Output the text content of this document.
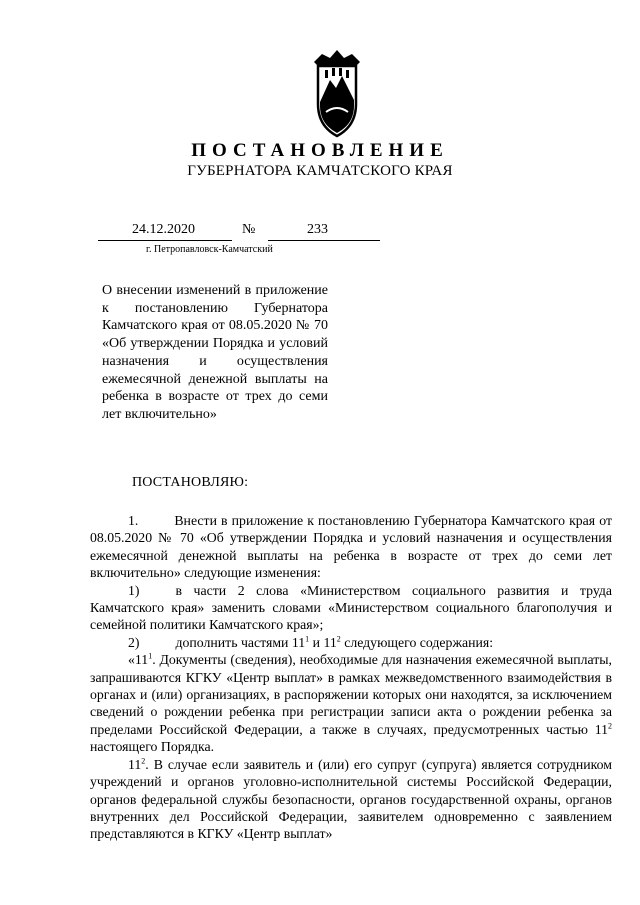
ПОСТАНОВЛЕНИЕ
ГУБЕРНАТОРА КАМЧАТСКОГО КРАЯ
24.12.2020	№	233
г. Петропавловск-Камчатский
О внесении изменений в приложение к постановлению Губернатора Камчатского края от 08.05.2020 № 70 «Об утверждении Порядка и условий назначения и осуществления ежемесячной денежной выплаты на ребенка в возрасте от трех до семи лет включительно»
ПОСТАНОВЛЯЮ:

1.	Внести в приложение к постановлению Губернатора Камчатского края от 08.05.2020 № 70 «Об утверждении Порядка и условий назначения и осуществления ежемесячной денежной выплаты на ребенка в возрасте от трех до семи лет включительно» следующие изменения:

1)	в части 2 слова «Министерством социального развития и труда Камчатского края» заменить словами «Министерством социального благополучия и семейной политики Камчатского края»;

2)	дополнить частями $11^1$ и $11^2$ следующего содержания:

«$11^1$. Документы (сведения), необходимые для назначения ежемесячной выплаты, запрашиваются КГКУ «Центр выплат» в рамках межведомственного взаимодействия в органах и (или) организациях, в распоряжении которых они находятся, за исключением сведений о рождении ребенка при регистрации записи акта о рождении ребенка за пределами Российской Федерации, а также в случаях, предусмотренных частью $11^2$ настоящего Порядка.

$11^2$. В случае если заявитель и (или) его супруг (супруга) является сотрудником учреждений и органов уголовно-исполнительной системы Российской Федерации, органов федеральной службы безопасности, органов государственной охраны, органов внутренних дел Российской Федерации, заявителем одновременно с заявлением представляются в КГКУ «Центр выплат»
